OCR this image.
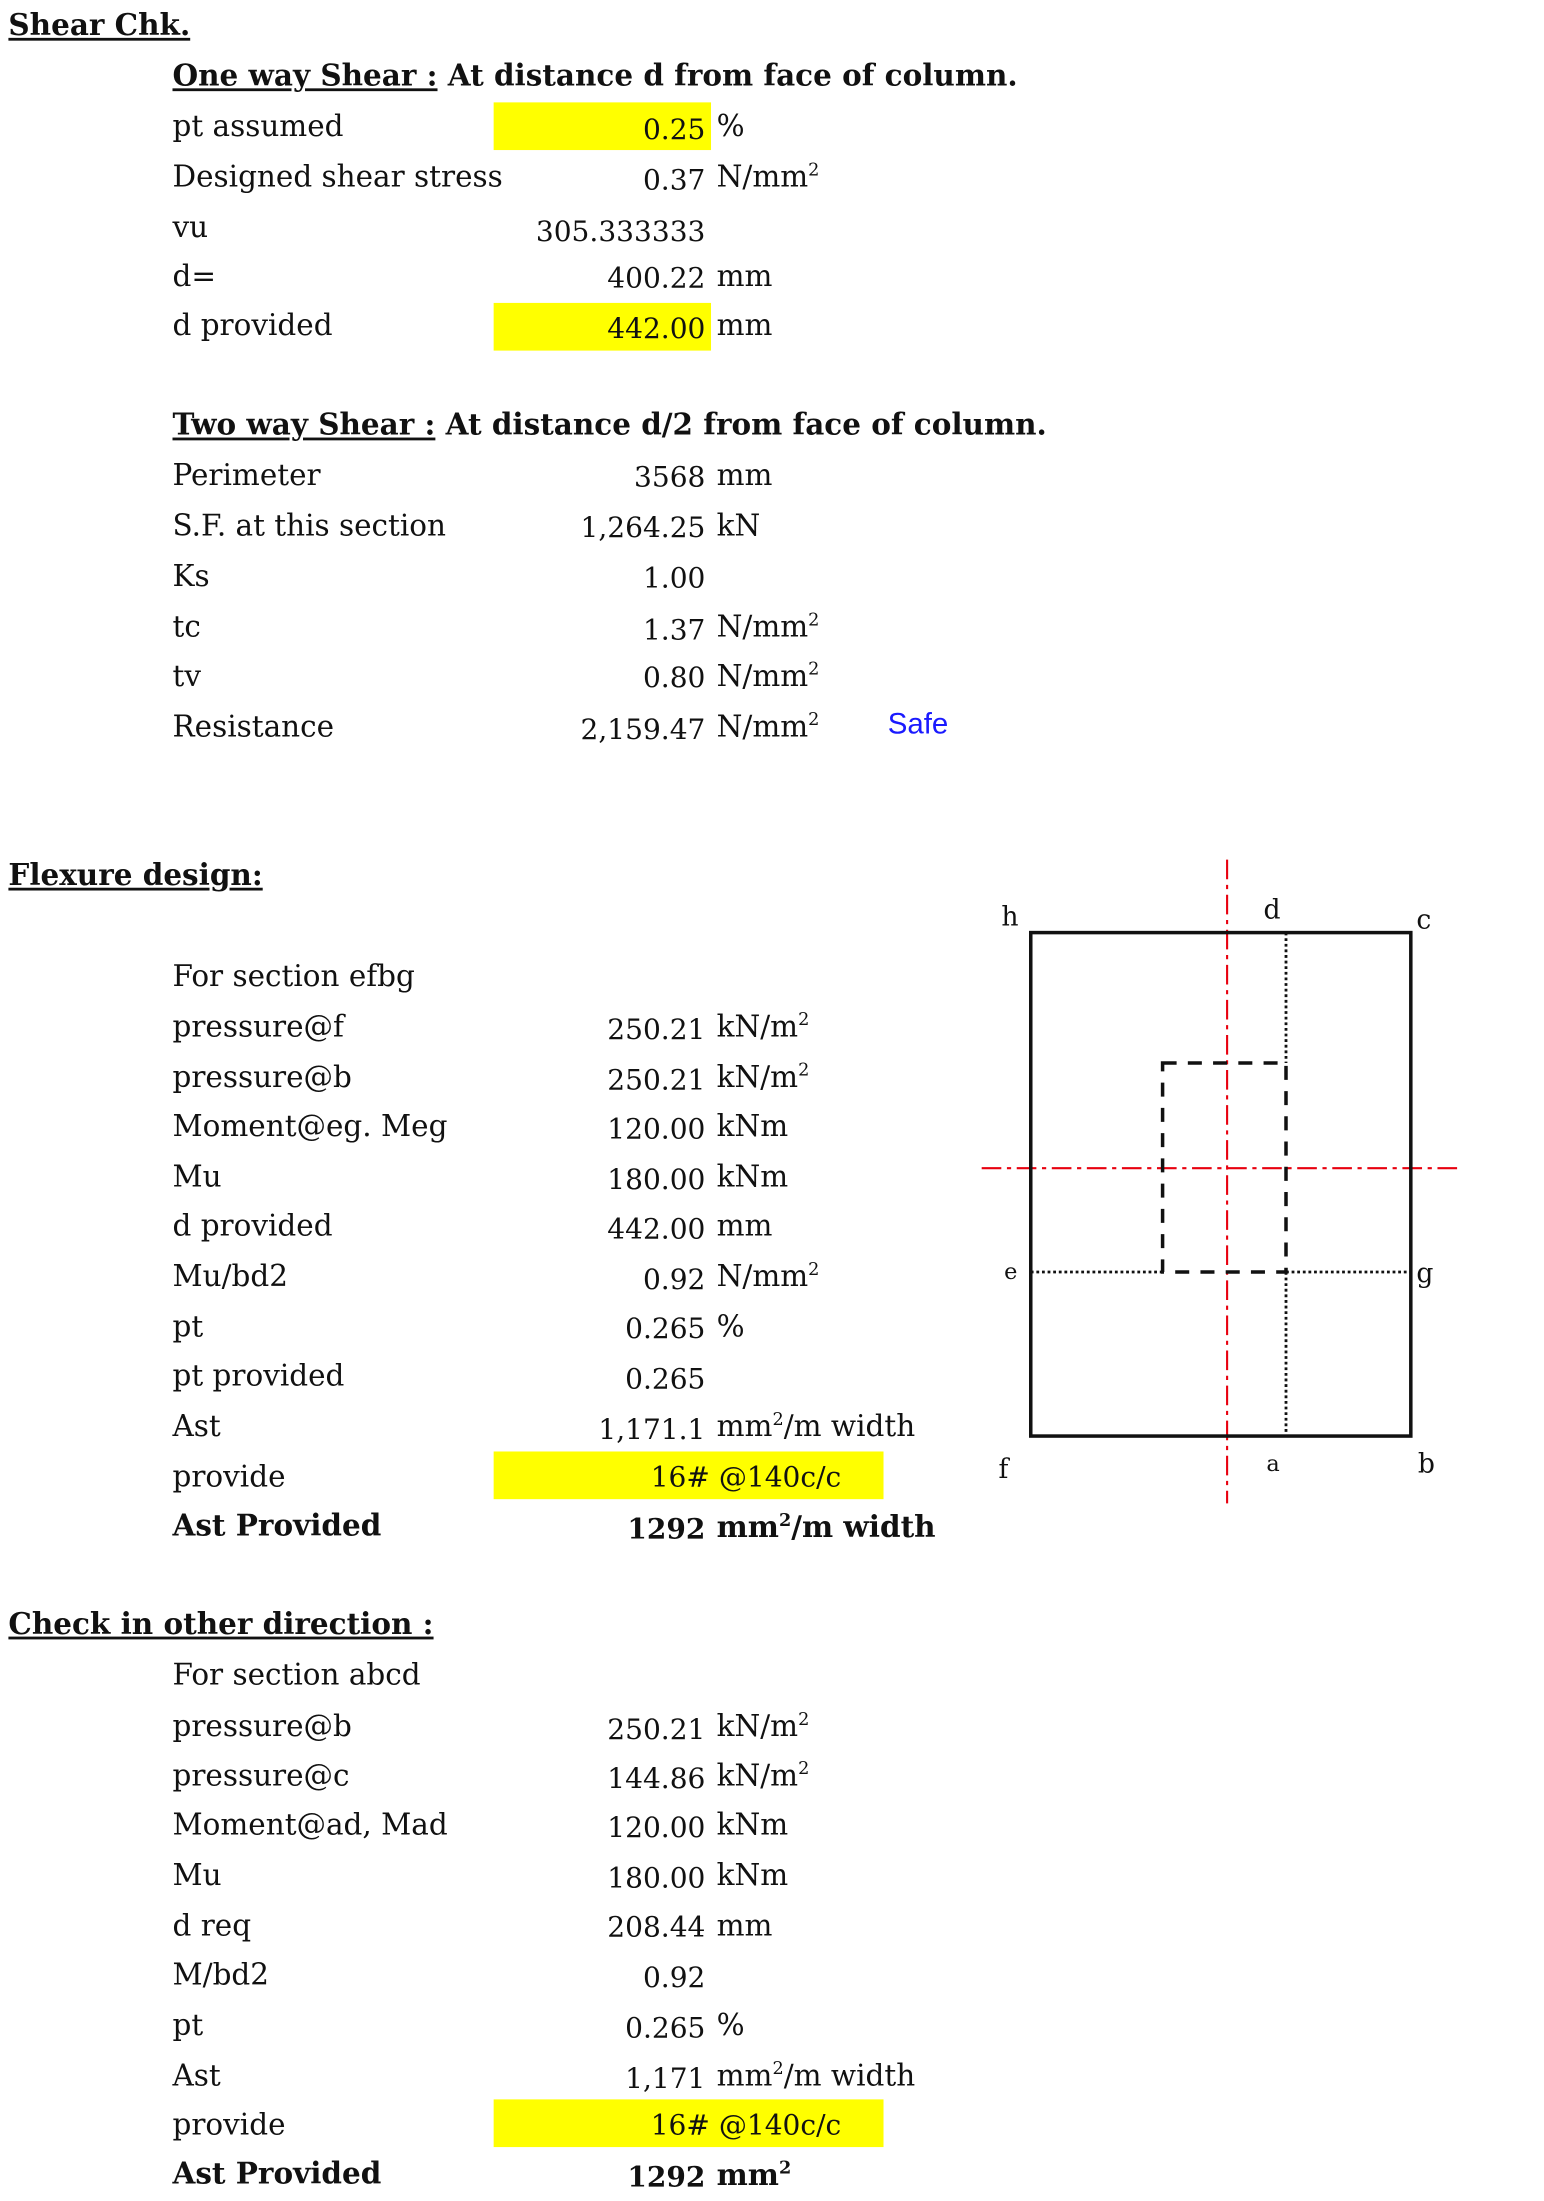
Shear Chk.
One way Shear : At distance d from face of column.
pt assumed	0.25 %
Designed shear stress	0.37 $N/mm^2$
vu	305.333333
d=	400.22 mm
d provided	442.00 mm
Two way Shear : At distance d/2 from face of column.
Perimeter	3568 mm
S.F. at this section	1,264.25 kN
Ks	1.00
tc	1.37 $N/mm^2$
tv	0.80 $N/mm^2$
Resistance	2,159.47 $N/mm^2$	Safe
Flexure design:
For section efbg
pressure@f	250.21 $kN/m^2$
pressure@b	250.21 $kN/m^2$
Moment@eg. Meg	120.00 kNm
Mu	180.00 kNm
d provided	442.00 mm
Mu/bd2	0.92 $N/mm^2$
pt	0.265 %
pt provided	0.265
Ast	1,171.1 $mm^2/m$ width
provide	16# @140c/c
Ast Provided	1292 $mm^2/m$ width
Check in other direction :
For section abcd
pressure@b	250.21 $kN/m^2$
pressure@c	144.86 $kN/m^2$
Moment@ad, Mad	120.00 kNm
Mu	180.00 kNm
d req	208.44 mm
M/bd2	0.92
pt	0.265 %
Ast	1,171 $mm^2/m$ width
provide	16# @140c/c
Ast Provided	1292 $mm^2$
h	d	c
e	g
f	a	b
